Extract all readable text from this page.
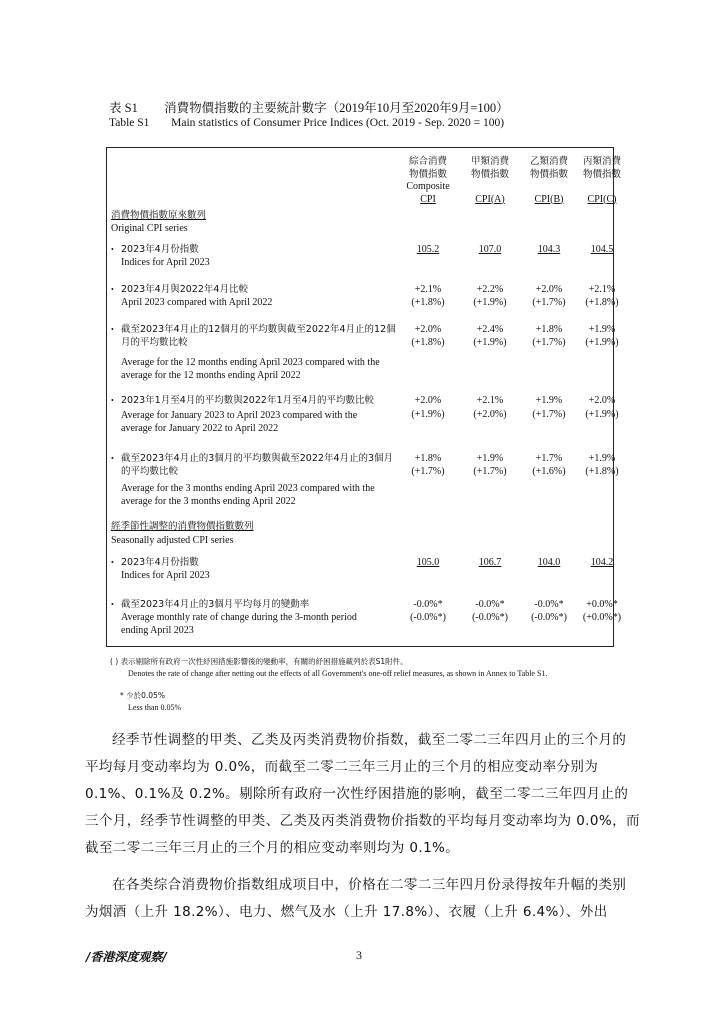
表 S1 消費物價指數的主要統計數字（2019年10月至2020年9月=100）
Table S1 Main statistics of Consumer Price Indices (Oct. 2019 - Sep. 2020 = 100)
綜合消費
物價指數
Composite
CPI
甲類消費
物價指數
CPI(A)
乙類消費
物價指數
CPI(B)
丙類消費
物價指數
CPI(C)
消費物價指數原來數列
Original CPI series
• 2023年4月份指數
Indices for April 2023
105.2	107.0	104.3	104.5
• 2023年4月與2022年4月比較
April 2023 compared with April 2022
+2.1%	+2.2%	+2.0%	+2.1%
(+1.8%)	(+1.9%)	(+1.7%)	(+1.8%)
• 截至2023年4月止的12個月的平均數與截至2022年4月止的12個
月的平均數比較
Average for the 12 months ending April 2023 compared with the
average for the 12 months ending April 2022
+2.0%	+2.4%	+1.8%	+1.9%
(+1.8%)	(+1.9%)	(+1.7%)	(+1.9%)
• 2023年1月至4月的平均數與2022年1月至4月的平均數比較
Average for January 2023 to April 2023 compared with the
average for January 2022 to April 2022
+2.0%	+2.1%	+1.9%	+2.0%
(+1.9%)	(+2.0%)	(+1.7%)	(+1.9%)
• 截至2023年4月止的3個月的平均數與截至2022年4月止的3個月
的平均數比較
Average for the 3 months ending April 2023 compared with the
average for the 3 months ending April 2022
+1.8%	+1.9%	+1.7%	+1.9%
(+1.7%)	(+1.7%)	(+1.6%)	(+1.8%)
經季節性調整的消費物價指數數列
Seasonally adjusted CPI series
• 2023年4月份指數
Indices for April 2023
105.0	106.7	104.0	104.2
• 截至2023年4月止的3個月平均每月的變動率
Average monthly rate of change during the 3-month period
ending April 2023
-0.0%*	-0.0%*	-0.0%*	+0.0%*
(-0.0%*)	(-0.0%*)	(-0.0%*)	(+0.0%*)
( ) 表示剔除所有政府一次性紓困措施影響後的變動率，有關的紓困措施載列於表S1附件。
Denotes the rate of change after netting out the effects of all Government's one-off relief measures, as shown in Annex to Table S1.
* 少於0.05%
Less than 0.05%

经季节性调整的甲类、乙类及丙类消费物价指数，截至二零二三年四月止的三个月的平均每月变动率均为 0.0%，而截至二零二三年三月止的三个月的相应变动率分别为 0.1%、0.1%及 0.2%。剔除所有政府一次性纾困措施的影响，截至二零二三年四月止的三个月，经季节性调整的甲类、乙类及丙类消费物价指数的平均每月变动率均为 0.0%，而截至二零二三年三月止的三个月的相应变动率则均为 0.1%。

在各类综合消费物价指数组成项目中，价格在二零二三年四月份录得按年升幅的类别为烟酒（上升 18.2%）、电力、燃气及水（上升 17.8%）、衣履（上升 6.4%）、外出

/香港深度观察/	3
